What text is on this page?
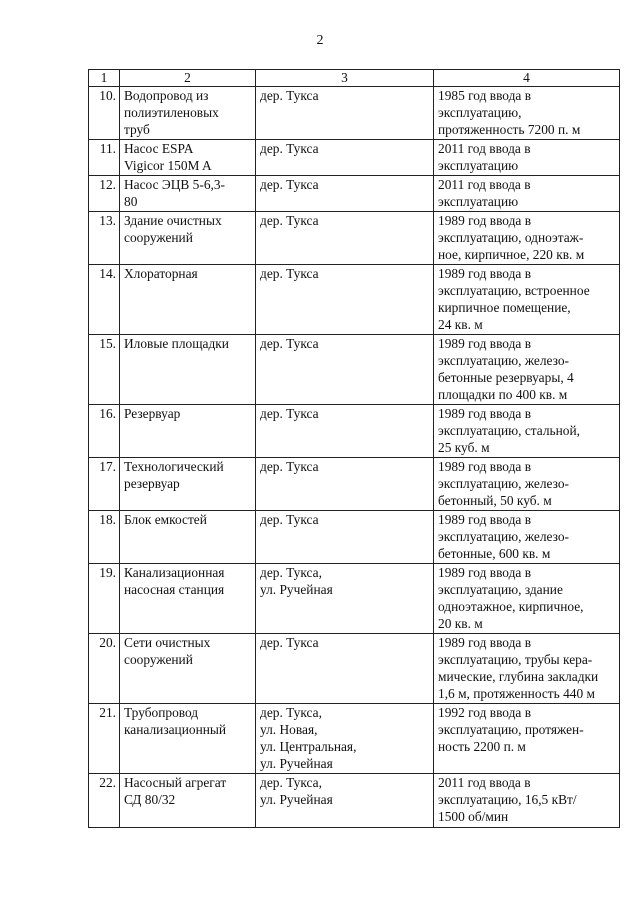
2
1	2	3	4
10.	Водопровод из
полиэтиленовых
труб	дер. Тукса	1985 год ввода в
эксплуатацию,
протяженность 7200 п. м

11.	Насос ESPA
Vigicor 150M A	дер. Тукса	2011 год ввода в
эксплуатацию

12.	Насос ЭЦВ 5-6,3-
80	дер. Тукса	2011 год ввода в
эксплуатацию

13.	Здание очистных
сооружений	дер. Тукса	1989 год ввода в
эксплуатацию, одноэтаж-
ное, кирпичное, 220 кв. м

14.	Хлораторная	дер. Тукса	1989 год ввода в
эксплуатацию, встроенное
кирпичное помещение,
24 кв. м

15.	Иловые площадки	дер. Тукса	1989 год ввода в
эксплуатацию, железо-
бетонные резервуары, 4
площадки по 400 кв. м

16.	Резервуар	дер. Тукса	1989 год ввода в
эксплуатацию, стальной,
25 куб. м

17.	Технологический
резервуар	дер. Тукса	1989 год ввода в
эксплуатацию, железо-
бетонный, 50 куб. м

18.	Блок емкостей	дер. Тукса	1989 год ввода в
эксплуатацию, железо-
бетонные, 600 кв. м

19.	Канализационная
насосная станция	дер. Тукса,
ул. Ручейная	1989 год ввода в
эксплуатацию, здание
одноэтажное, кирпичное,
20 кв. м

20.	Сети очистных
сооружений	дер. Тукса	1989 год ввода в
эксплуатацию, трубы кера-
мические, глубина закладки
1,6 м, протяженность 440 м

21.	Трубопровод
канализационный	дер. Тукса,
ул. Новая,
ул. Центральная,
ул. Ручейная	1992 год ввода в
эксплуатацию, протяжен-
ность 2200 п. м

22.	Насосный агрегат
СД 80/32	дер. Тукса,
ул. Ручейная	2011 год ввода в
эксплуатацию, 16,5 кВт/
1500 об/мин
